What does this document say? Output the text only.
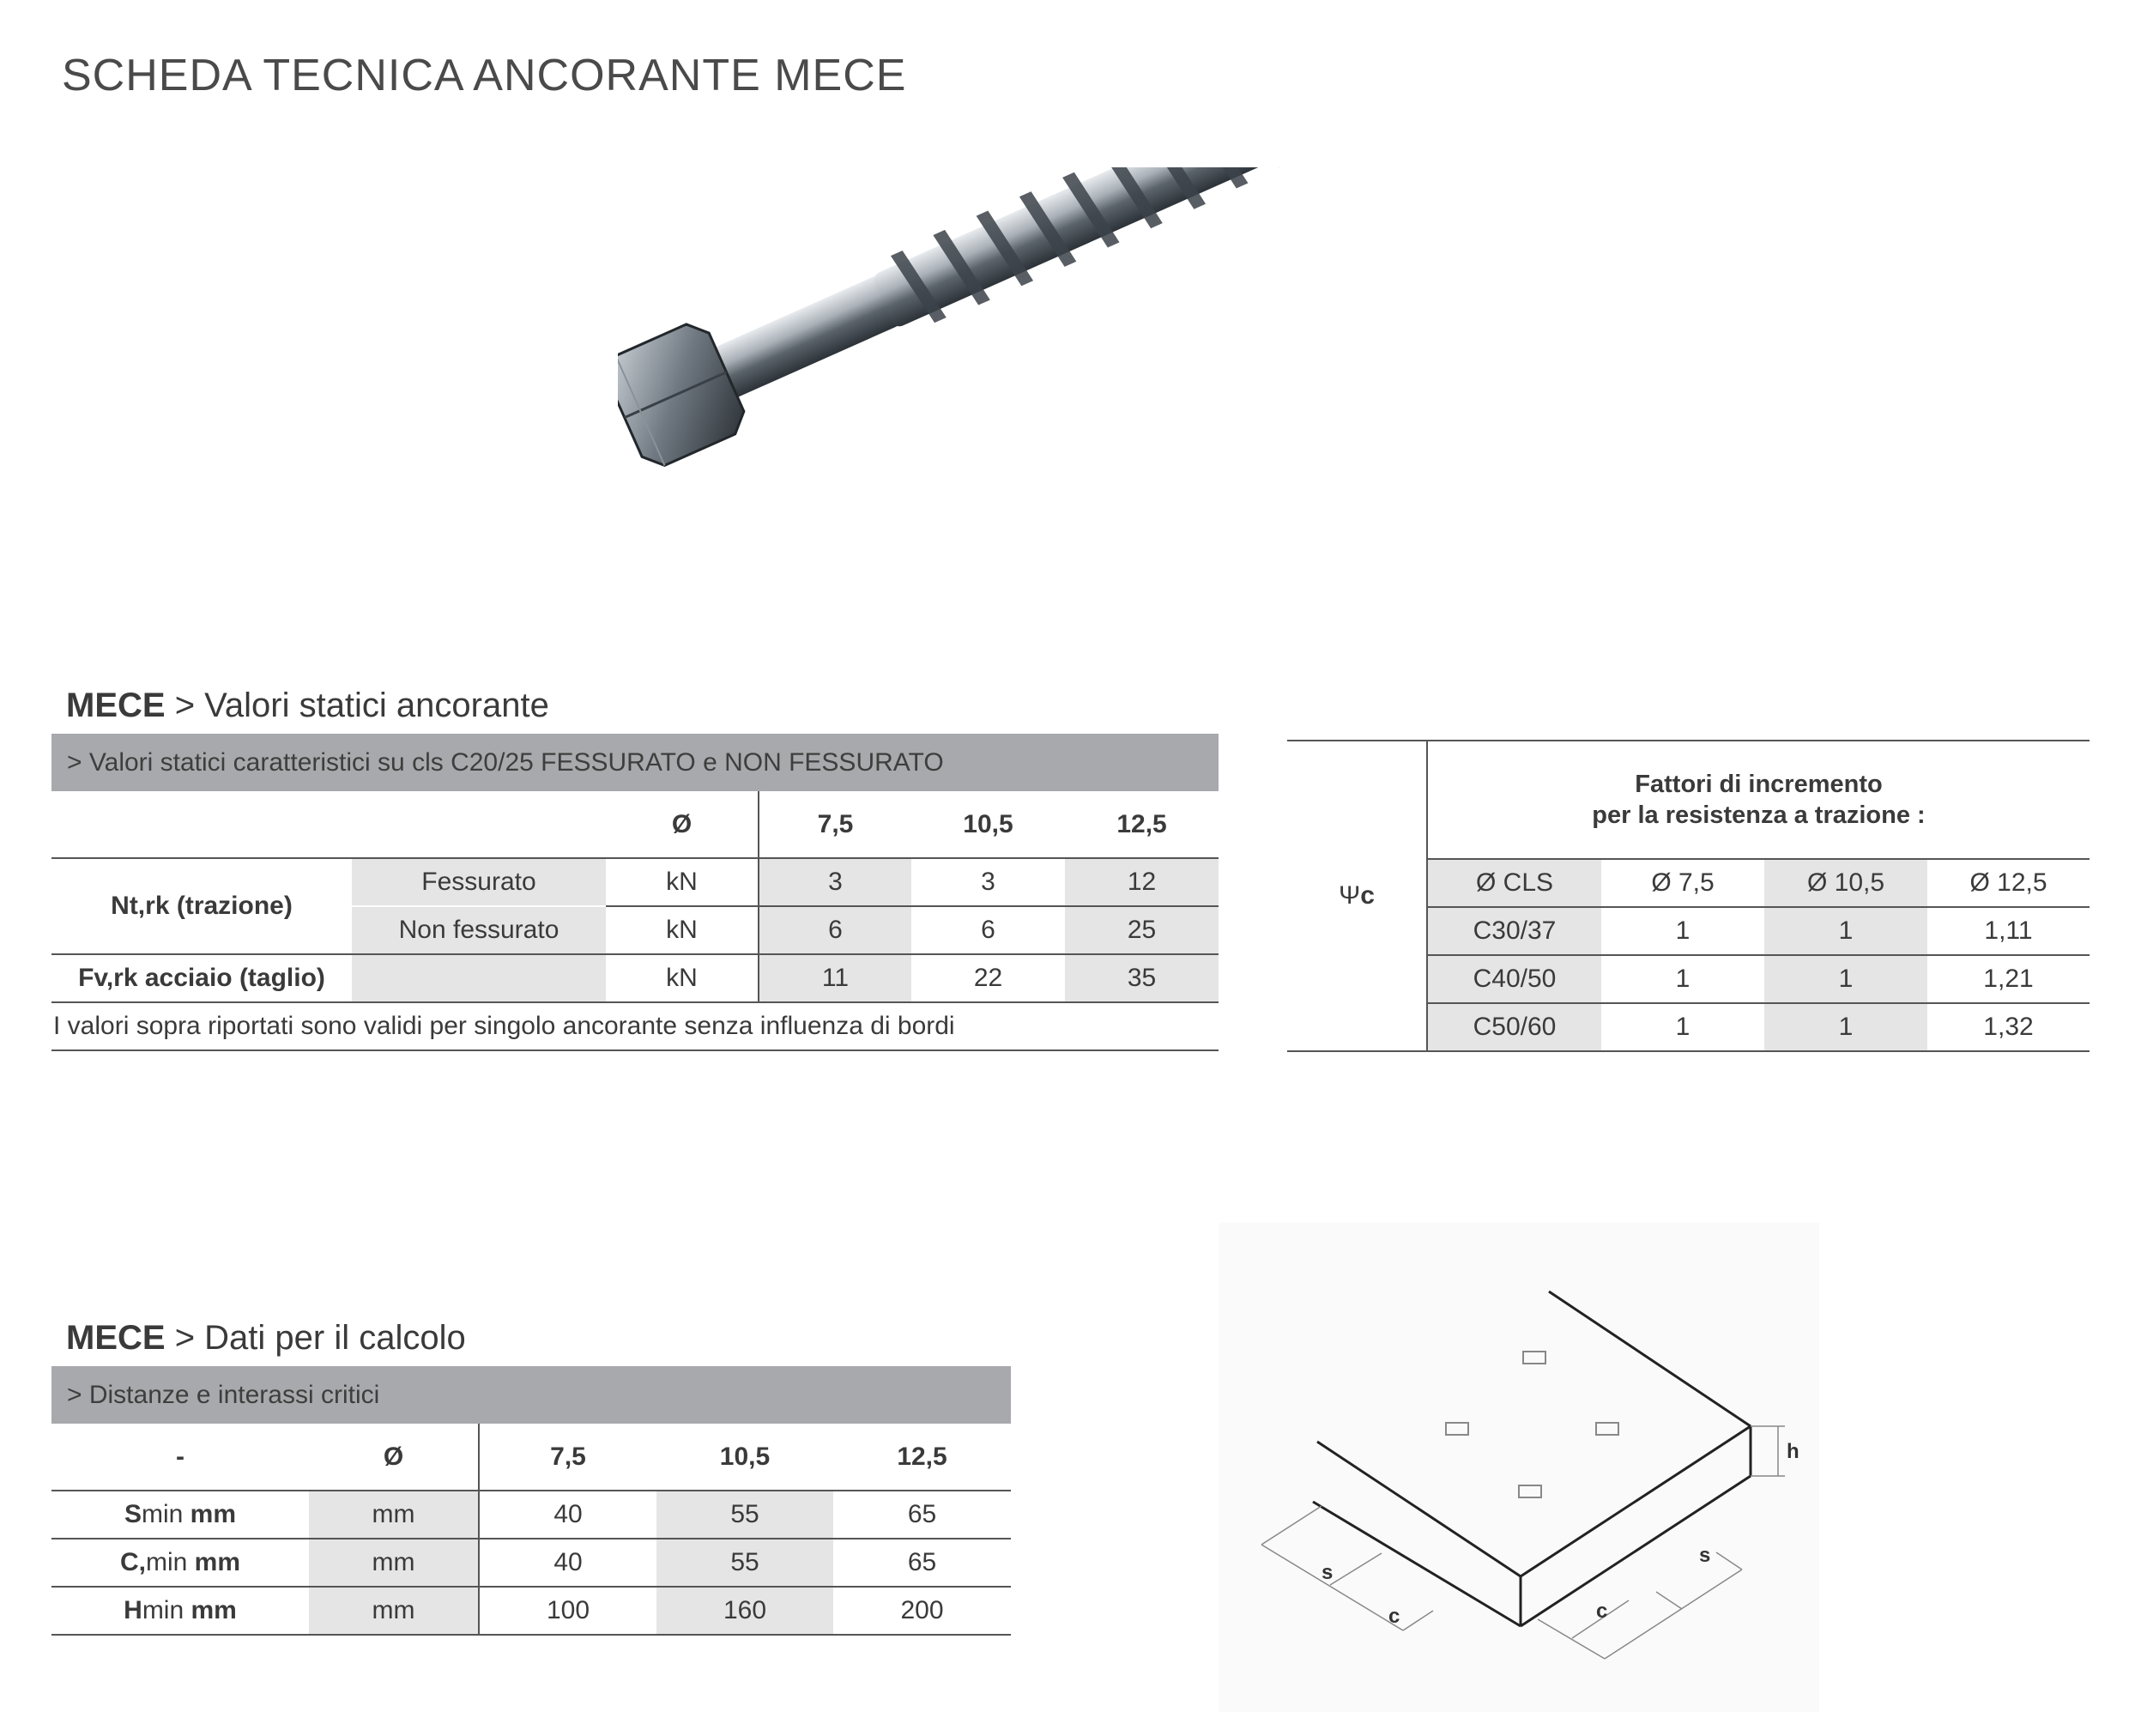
SCHEDA TECNICA ANCORANTE MECE
MECE > Valori statici ancorante
> Valori statici caratteristici su cls C20/25 FESSURATO e NON FESSURATO					
		Ø	7,5	10,5	12,5
Nt,rk (trazione)	Fessurato	kN	3	3	12
	Non fessurato	kN	6	6	25
Fv,rk acciaio (taglio)		kN	11	22	35
I valori sopra riportati sono validi per singolo ancorante senza influenza di bordi					
Ψc	Fattori di incremento
per la resistenza a trazione :			

	Ø CLS	Ø 7,5	Ø 10,5	Ø 12,5
	C30/37	1	1	1,11
	C40/50	1	1	1,21
	C50/60	1	1	1,32
MECE > Dati per il calcolo
> Distanze e interassi critici				
-	Ø	7,5	10,5	12,5
Smin mm	mm	40	55	65
C,min mm	mm	40	55	65
Hmin mm	mm	100	160	200
s
c
s
c
h
